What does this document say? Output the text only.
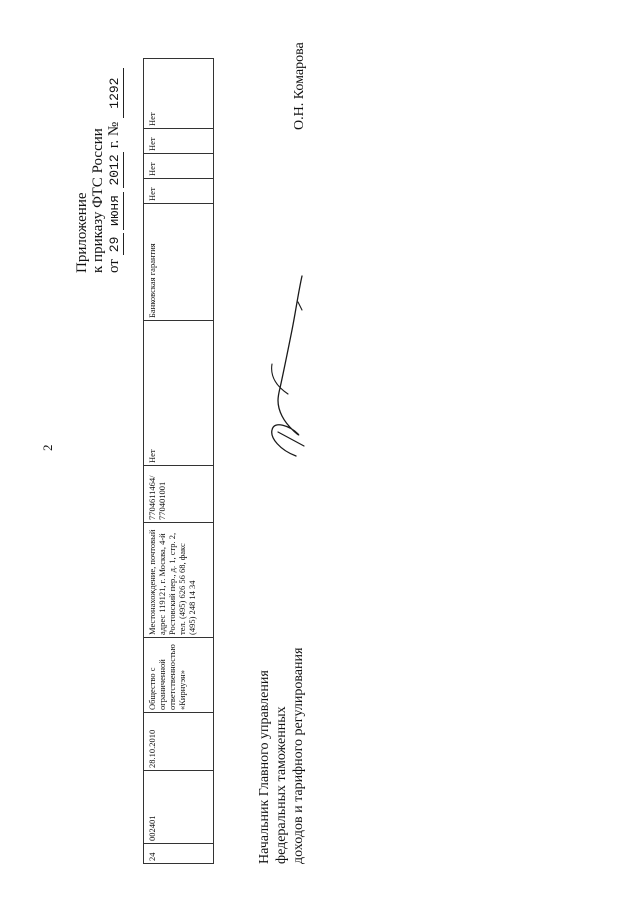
2
Приложение к приказу ФТС России от 29 июня 2012 г. № 1292
24	002401	28.10.2010	Общество с ограниченной ответственностью «Кирнуэн»	Местонахождение, почтовый адрес 119121, г. Москва, 4-й Ростовский пер., д. 1, стр. 2, тел. (495) 626 56 68, факс (495) 248 14 34	7704611464/ 770401001	Нет	Банковская гарантия	Нет	Нет	Нет	Нет
Начальник Главного управления федеральных таможенных доходов и тарифного регулирования
О.Н. Комарова
